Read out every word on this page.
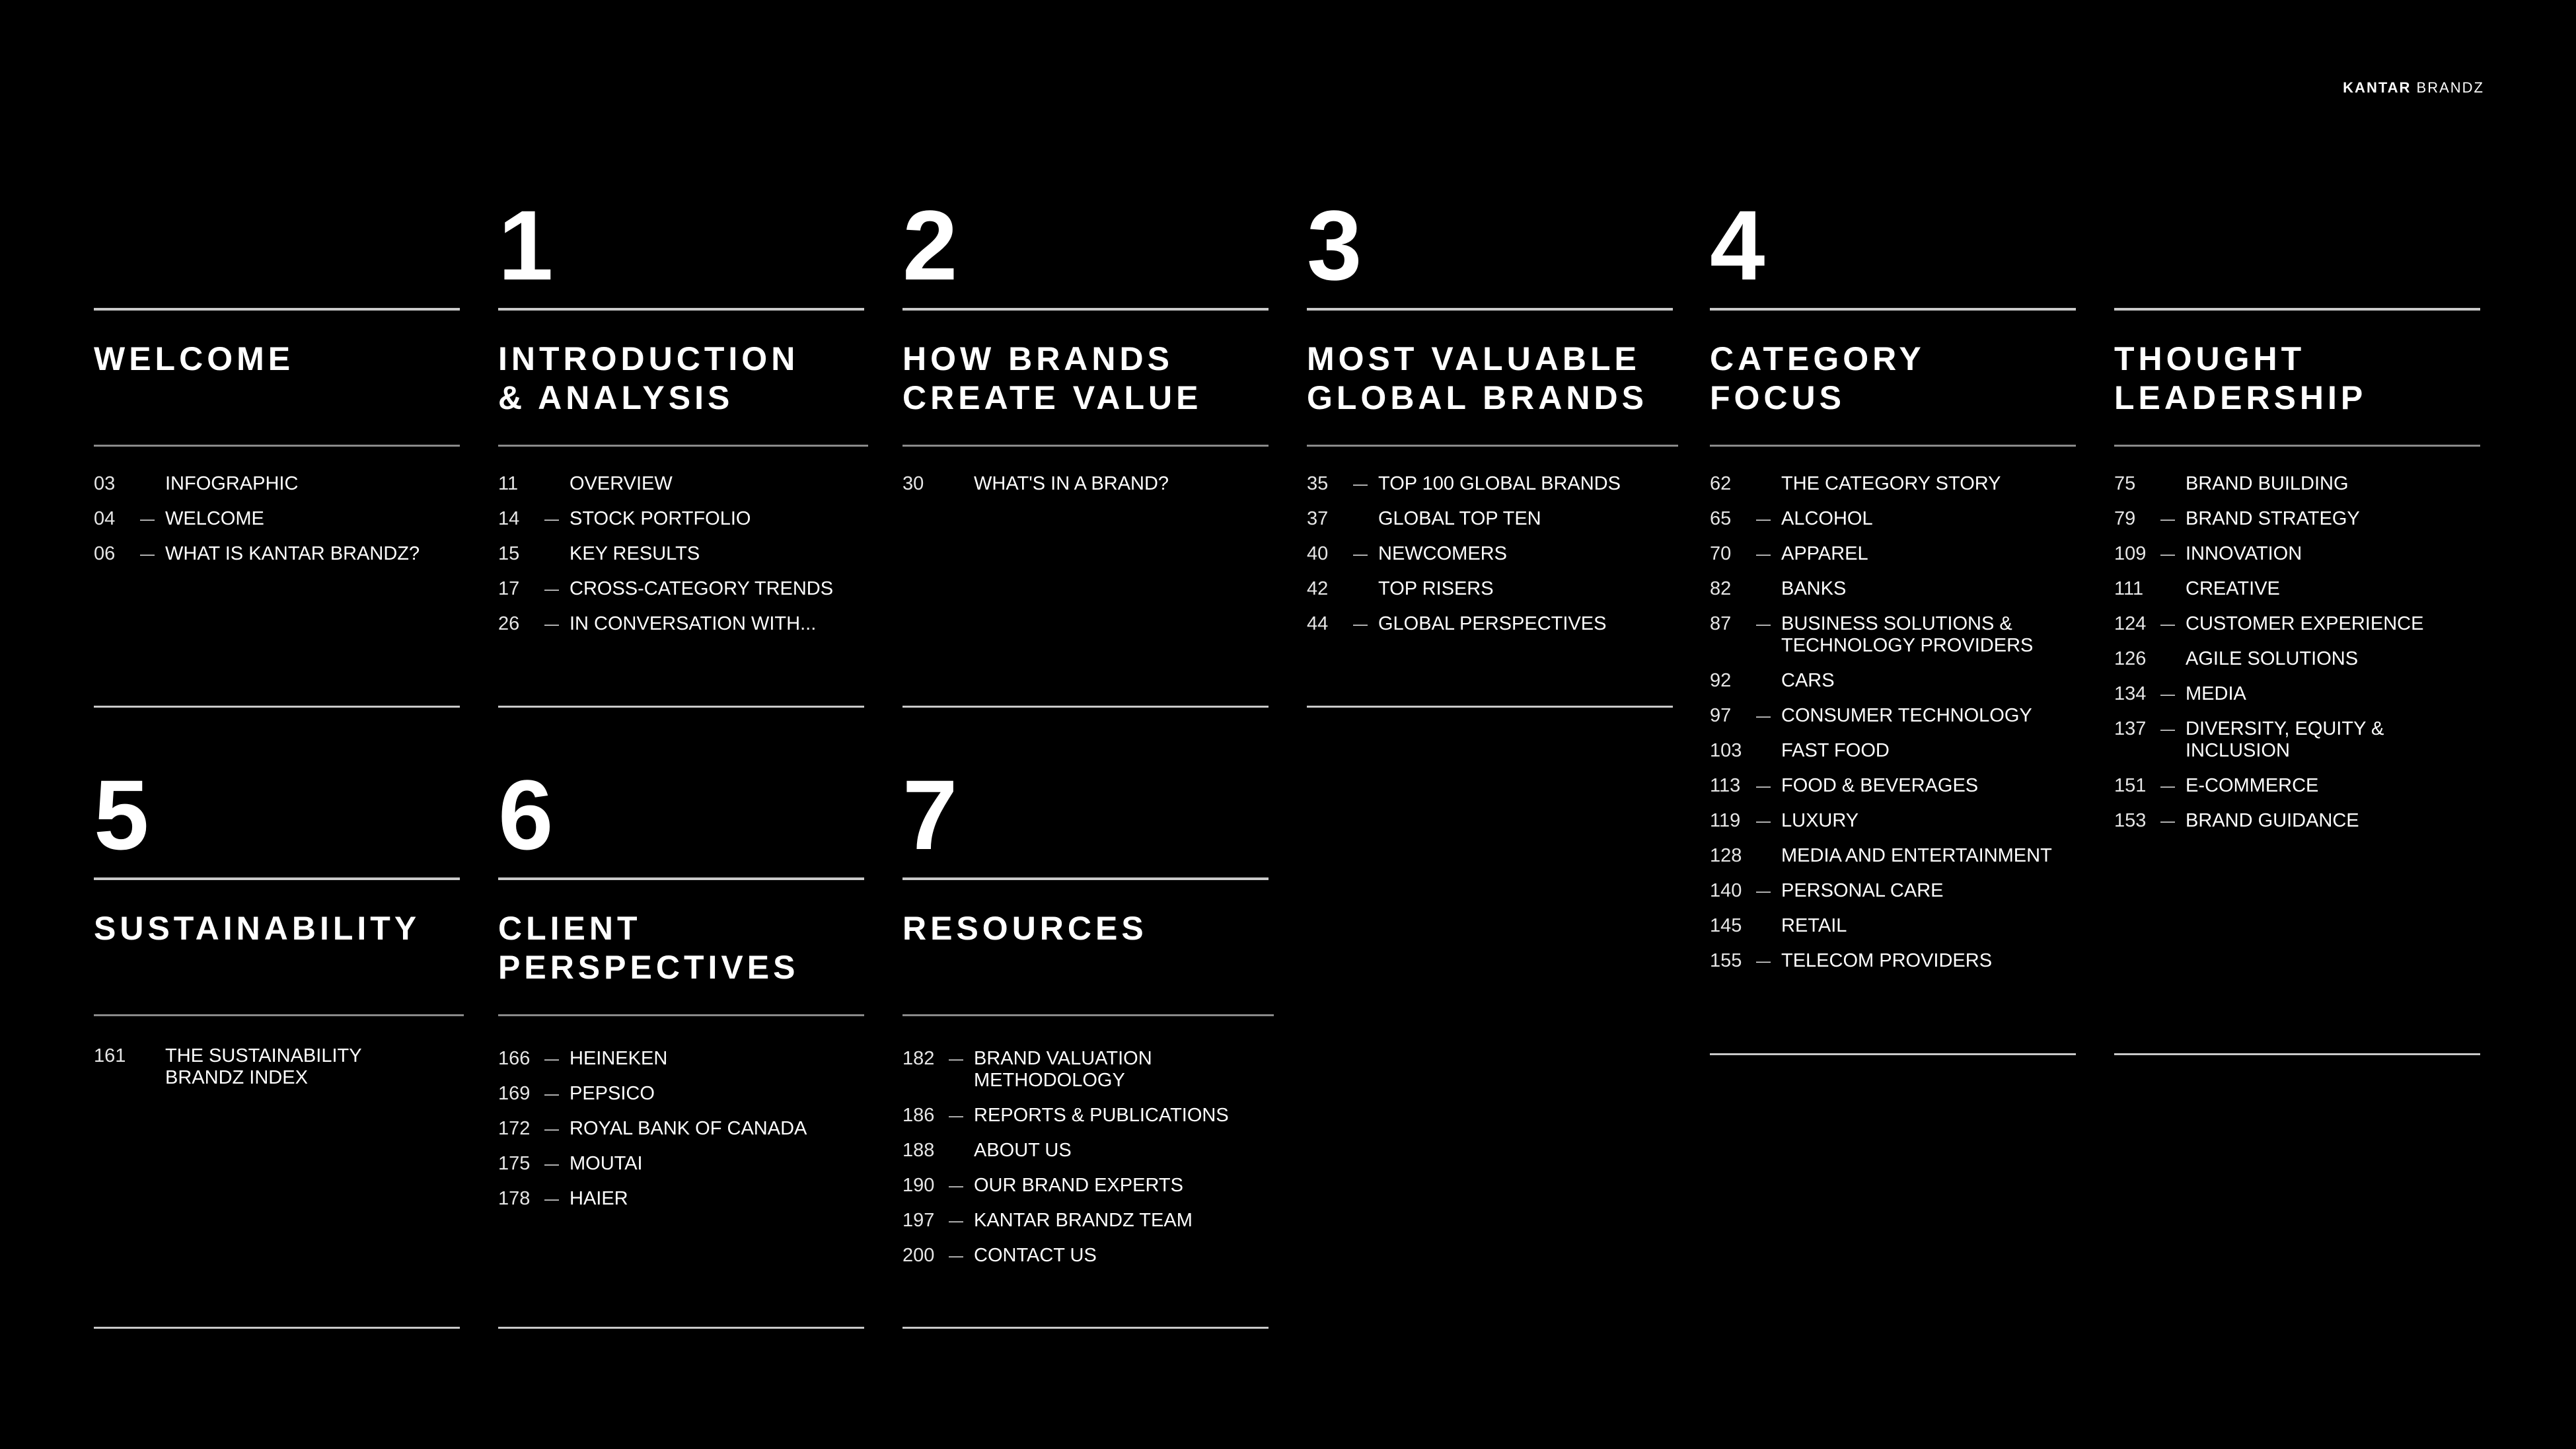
KANTAR BRANDZ
WELCOME
03	INFOGRAPHIC
04	— WELCOME
06	— WHAT IS KANTAR BRANDZ?
1
INTRODUCTION
& ANALYSIS
11	OVERVIEW
14	— STOCK PORTFOLIO
15	KEY RESULTS
17	— CROSS-CATEGORY TRENDS
26	— IN CONVERSATION WITH...
2
HOW BRANDS
CREATE VALUE
30	WHAT'S IN A BRAND?
3
MOST VALUABLE
GLOBAL BRANDS
35	— TOP 100 GLOBAL BRANDS
37	GLOBAL TOP TEN
40	— NEWCOMERS
42	TOP RISERS
44	— GLOBAL PERSPECTIVES
4
CATEGORY
FOCUS
62	THE CATEGORY STORY
65	— ALCOHOL
70	— APPAREL
82	BANKS
87	— BUSINESS SOLUTIONS & TECHNOLOGY PROVIDERS
92	CARS
97	— CONSUMER TECHNOLOGY
103	FAST FOOD
113	— FOOD & BEVERAGES
119	— LUXURY
128	MEDIA AND ENTERTAINMENT
140 — PERSONAL CARE
145	RETAIL
155 — TELECOM PROVIDERS
THOUGHT
LEADERSHIP
75	BRAND BUILDING
79	— BRAND STRATEGY
109 — INNOVATION
111	CREATIVE
124 — CUSTOMER EXPERIENCE
126	AGILE SOLUTIONS
134 — MEDIA
137 — DIVERSITY, EQUITY & INCLUSION
151 — E-COMMERCE
153 — BRAND GUIDANCE
5
SUSTAINABILITY
161	THE SUSTAINABILITY BRANDZ INDEX
6
CLIENT
PERSPECTIVES
166 — HEINEKEN
169 — PEPSICO
172 — ROYAL BANK OF CANADA
175 — MOUTAI
178 — HAIER
7
RESOURCES
182 — BRAND VALUATION METHODOLOGY
186 — REPORTS & PUBLICATIONS
188	ABOUT US
190 — OUR BRAND EXPERTS
197 — KANTAR BRANDZ TEAM
200 — CONTACT US
